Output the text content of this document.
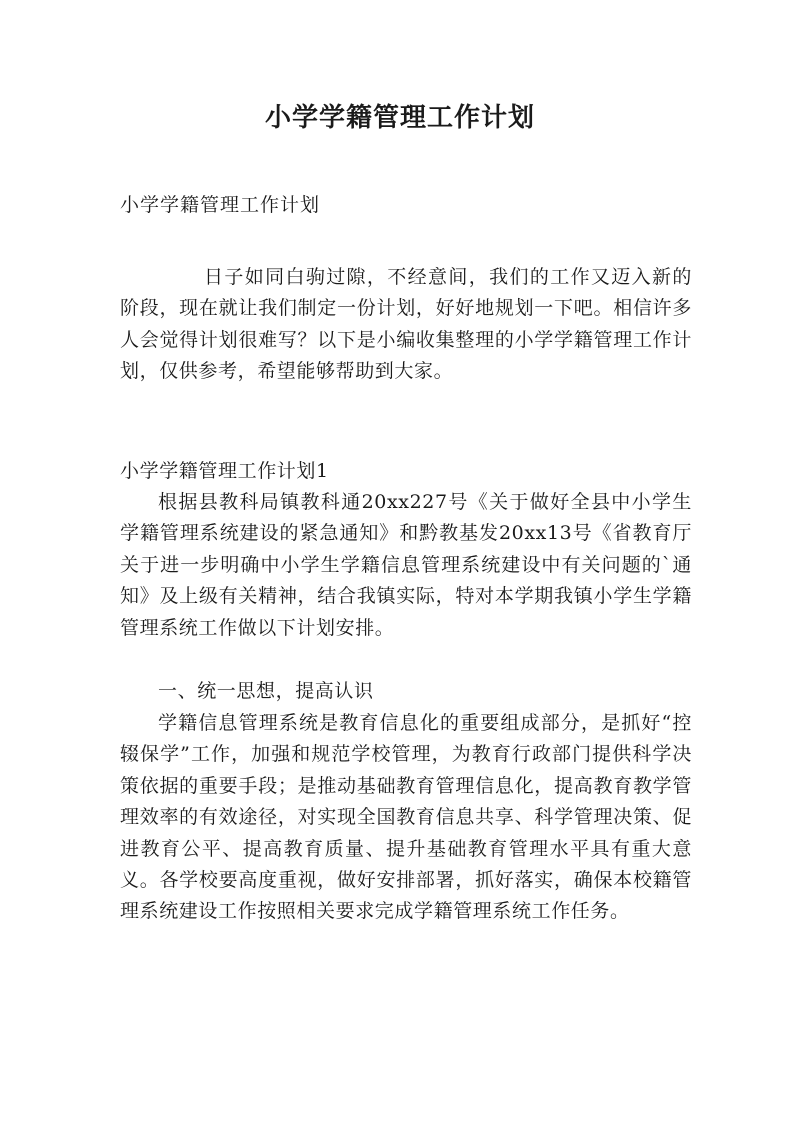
小学学籍管理工作计划
小学学籍管理工作计划

日子如同白驹过隙，不经意间，我们的工作又迈入新的阶段，现在就让我们制定一份计划，好好地规划一下吧。相信许多人会觉得计划很难写？以下是小编收集整理的小学学籍管理工作计划，仅供参考，希望能够帮助到大家。

小学学籍管理工作计划1

根据县教科局镇教科通20xx227号《关于做好全县中小学生学籍管理系统建设的紧急通知》和黔教基发20xx13号《省教育厅关于进一步明确中小学生学籍信息管理系统建设中有关问题的`通知》及上级有关精神，结合我镇实际，特对本学期我镇小学生学籍管理系统工作做以下计划安排。

一、统一思想，提高认识

学籍信息管理系统是教育信息化的重要组成部分，是抓好“控辍保学”工作，加强和规范学校管理，为教育行政部门提供科学决策依据的重要手段；是推动基础教育管理信息化，提高教育教学管理效率的有效途径，对实现全国教育信息共享、科学管理决策、促进教育公平、提高教育质量、提升基础教育管理水平具有重大意义。各学校要高度重视，做好安排部署，抓好落实，确保本校籍管理系统建设工作按照相关要求完成学籍管理系统工作任务。
